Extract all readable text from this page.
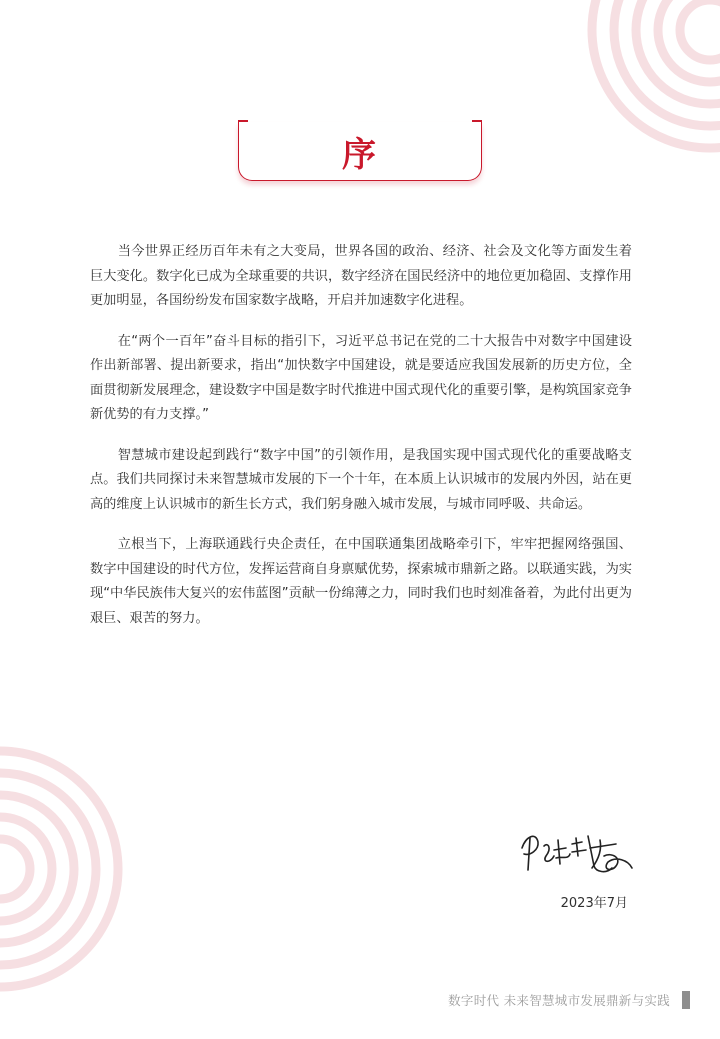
序

当今世界正经历百年未有之大变局，世界各国的政治、经济、社会及文化等方面发生着巨大变化。数字化已成为全球重要的共识，数字经济在国民经济中的地位更加稳固、支撑作用更加明显，各国纷纷发布国家数字战略，开启并加速数字化进程。

在“两个一百年”奋斗目标的指引下，习近平总书记在党的二十大报告中对数字中国建设作出新部署、提出新要求，指出“加快数字中国建设，就是要适应我国发展新的历史方位，全面贯彻新发展理念，建设数字中国是数字时代推进中国式现代化的重要引擎，是构筑国家竞争新优势的有力支撑。”

智慧城市建设起到践行“数字中国”的引领作用，是我国实现中国式现代化的重要战略支点。我们共同探讨未来智慧城市发展的下一个十年，在本质上认识城市的发展内外因，站在更高的维度上认识城市的新生长方式，我们躬身融入城市发展，与城市同呼吸、共命运。

立根当下，上海联通践行央企责任，在中国联通集团战略牵引下，牢牢把握网络强国、数字中国建设的时代方位，发挥运营商自身禀赋优势，探索城市鼎新之路。以联通实践，为实现“中华民族伟大复兴的宏伟蓝图”贡献一份绵薄之力，同时我们也时刻准备着，为此付出更为艰巨、艰苦的努力。

2023年7月
数字时代 未来智慧城市发展鼎新与实践
